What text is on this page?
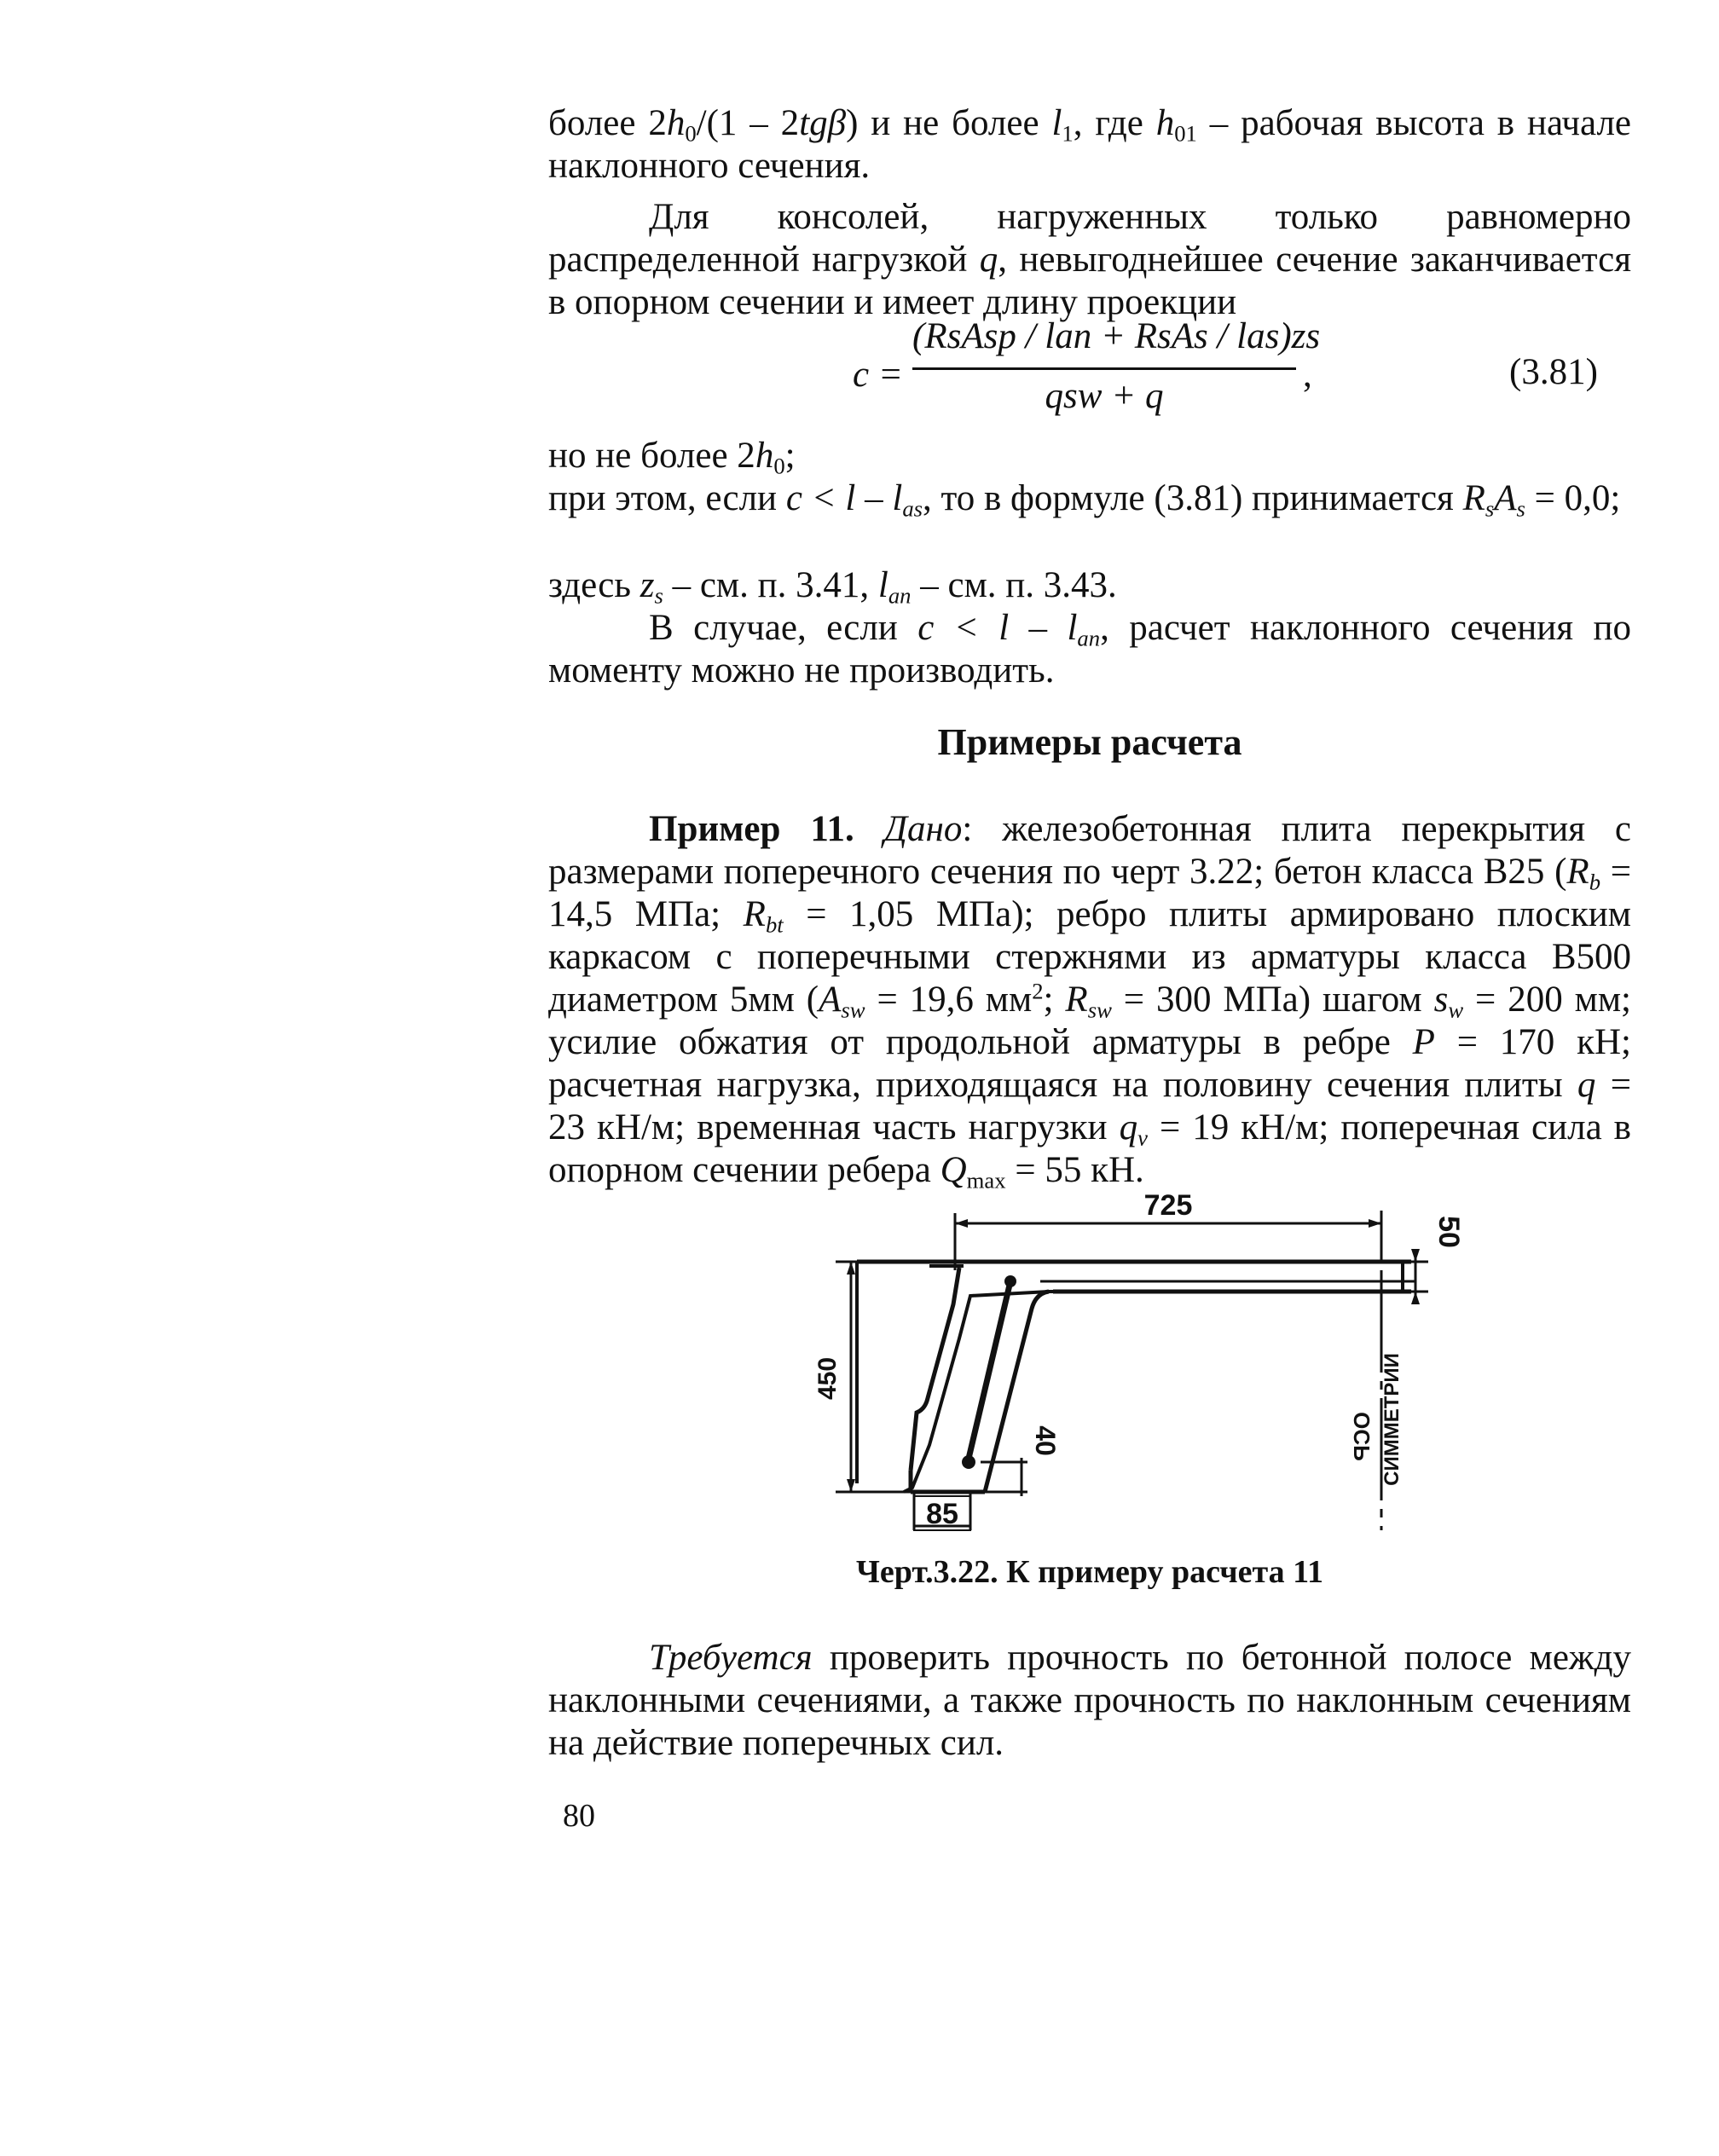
более $2h_0/(1 - 2tg\beta)$ и не более $l_1$, где $h_{01}$ – рабочая высота в начале наклонного сечения.

Для консолей, нагруженных только равномерно распределенной нагрузкой q, невыгоднейшее сечение заканчивается в опорном сечении и имеет длину проекции

c =
(RsAsp / lan + RsAs / las)zs
qsw + q
,	(3.81)

но не более $2h_0$;

при этом, если $c < l - l_{as}$, то в формуле (3.81) принимается $R_sA_s = 0,0$;

здесь $z_s$ – см. п. 3.41, $l_{an}$ – см. п. 3.43.

В случае, если $c < l - l_{an}$, расчет наклонного сечения по моменту можно не производить.

Примеры расчета

Пример 11. Дано: железобетонная плита перекрытия с размерами поперечного сечения по черт 3.22; бетон класса В25 ($R_b = 14,5$ МПа; $R_{bt} = 1,05$ МПа); ребро плиты армировано плоским каркасом с поперечными стержнями из арматуры класса В500 диаметром 5мм ($A_{sw} = 19,6$ $мм^2$; $R_{sw} = 300$ МПа) шагом $s_w = 200$ мм; усилие обжатия от продольной арматуры в ребре P = 170 кН; расчетная нагрузка, приходящаяся на половину сечения плиты q = 23 кН/м; временная часть нагрузки $q_v = 19$ кН/м; поперечная сила в опорном сечении ребера $Q_{max} = 55$ кН.

725
50
450
40
85
ОСЬ СИММЕТРИИ
Черт.3.22. К примеру расчета 11

Требуется проверить прочность по бетонной полосе между наклонными сечениями, а также прочность по наклонным сечениям на действие поперечных сил.

80
